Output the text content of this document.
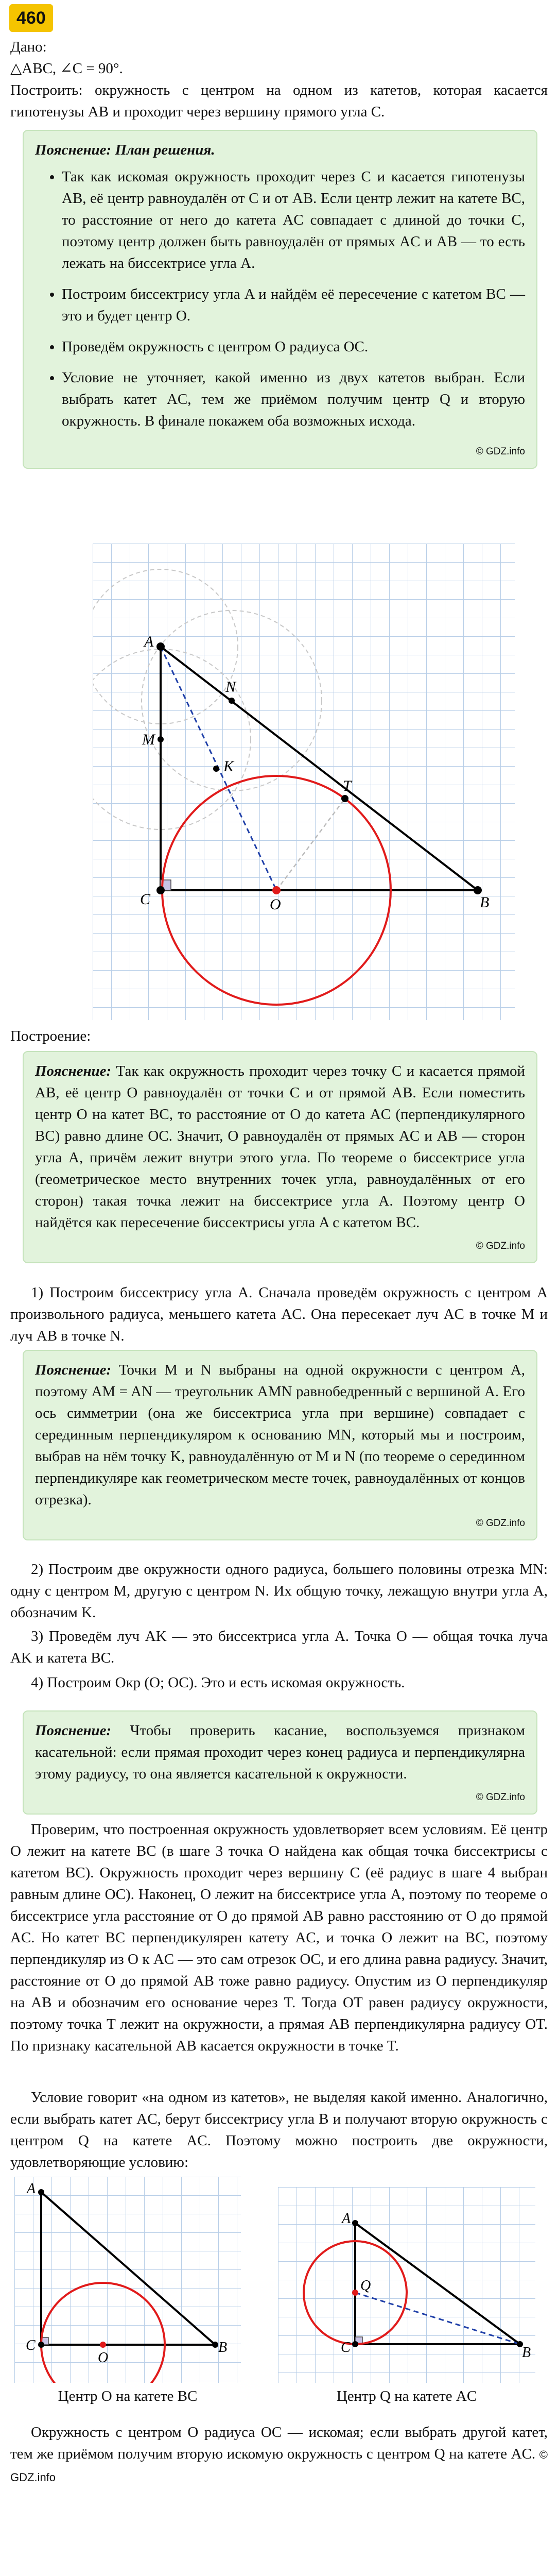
460

Дано:

△ABC, ∠C = 90°.

Построить: окружность с центром на одном из катетов, которая касается гипотенузы AB и проходит через вершину прямого угла C.

Пояснение: План решения.
• Так как искомая окружность проходит через C и касается гипотенузы AB, её центр равноудалён от C и от AB. Если центр лежит на катете BC, то расстояние от него до катета AC совпадает с длиной до точки C, поэтому центр должен быть равноудалён от прямых AC и AB — то есть лежать на биссектрисе угла A.
• Построим биссектрису угла A и найдём её пересечение с катетом BC — это и будет центр O.
• Проведём окружность с центром O радиуса OC.
• Условие не уточняет, какой именно из двух катетов выбран. Если выбрать катет AC, тем же приёмом получим центр Q и вторую окружность. В финале покажем оба возможных исхода.
© GDZ.info
A
M
N
K
T
C	O	B
Построение:

Пояснение: Так как окружность проходит через точку C и касается прямой AB, её центр O равноудалён от точки C и от прямой AB. Если поместить центр O на катет BC, то расстояние от O до катета AC (перпендикулярного BC) равно длине OC. Значит, O равноудалён от прямых AC и AB — сторон угла A, причём лежит внутри этого угла. По теореме о биссектрисе угла (геометрическое место внутренних точек угла, равноудалённых от его сторон) такая точка лежит на биссектрисе угла A. Поэтому центр O найдётся как пересечение биссектрисы угла A с катетом BC.

© GDZ.info
1) Построим биссектрису угла A. Сначала проведём окружность с центром A произвольного радиуса, меньшего катета AC. Она пересекает луч AC в точке M и луч AB в точке N.

Пояснение: Точки M и N выбраны на одной окружности с центром A, поэтому AM = AN — треугольник AMN равнобедренный с вершиной A. Его ось симметрии (она же биссектриса угла при вершине) совпадает с серединным перпендикуляром к основанию MN, который мы и построим, выбрав на нём точку K, равноудалённую от M и N (по теореме о серединном перпендикуляре как геометрическом месте точек, равноудалённых от концов отрезка).

© GDZ.info
2) Построим две окружности одного радиуса, большего половины отрезка MN: одну с центром M, другую с центром N. Их общую точку, лежащую внутри угла A, обозначим K.
3) Проведём луч AK — это биссектриса угла A. Точка O — общая точка луча AK и катета BC.
4) Построим Окр (O; OC). Это и есть искомая окружность.

Пояснение: Чтобы проверить касание, воспользуемся признаком касательной: если прямая проходит через конец радиуса и перпендикулярна этому радиусу, то она является касательной к окружности.

© GDZ.info
Проверим, что построенная окружность удовлетворяет всем условиям. Её центр O лежит на катете BC (в шаге 3 точка O найдена как общая точка биссектрисы с катетом BC). Окружность проходит через вершину C (её радиус в шаге 4 выбран равным длине OC). Наконец, O лежит на биссектрисе угла A, поэтому по теореме о биссектрисе угла расстояние от O до прямой AB равно расстоянию от O до прямой AC. Но катет BC перпендикулярен катету AC, и точка O лежит на BC, поэтому перпендикуляр из O к AC — это сам отрезок OC, и его длина равна радиусу. Значит, расстояние от O до прямой AB тоже равно радиусу. Опустим из O перпендикуляр на AB и обозначим его основание через T. Тогда OT равен радиусу окружности, поэтому точка T лежит на окружности, а прямая AB перпендикулярна радиусу OT. По признаку касательной AB касается окружности в точке T.
Условие говорит «на одном из катетов», не выделяя какой именно. Аналогично, если выбрать катет AC, берут биссектрису угла B и получают вторую окружность с центром Q на катете AC. Поэтому можно построить две окружности, удовлетворяющие условию:
A
C
O
B
Центр O на катете BC
A
Q
C	B
Центр Q на катете AC
Окружность с центром O радиуса OC — искомая; если выбрать другой катет, тем же приёмом получим вторую искомую окружность с центром Q на катете AC. © GDZ.info
